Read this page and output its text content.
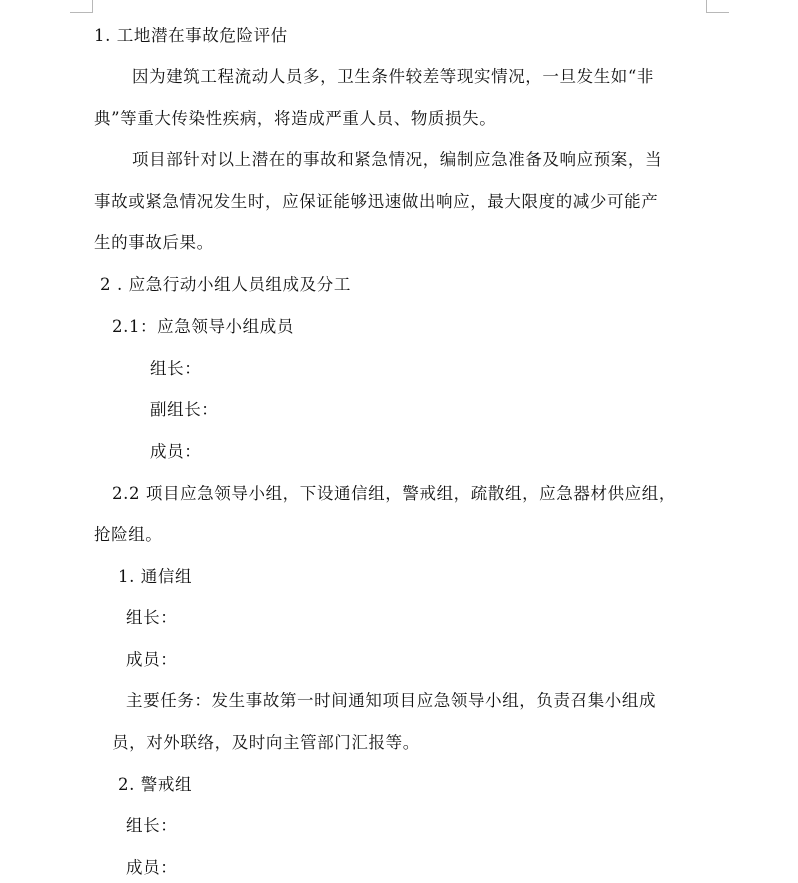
1. 工地潜在事故危险评估
因为建筑工程流动人员多，卫生条件较差等现实情况，一旦发生如“非
典”等重大传染性疾病，将造成严重人员、物质损失。
项目部针对以上潜在的事故和紧急情况，编制应急准备及响应预案，当
事故或紧急情况发生时，应保证能够迅速做出响应，最大限度的减少可能产
生的事故后果。
2 . 应急行动小组人员组成及分工
2.1：应急领导小组成员
组长：
副组长：
成员：
2.2 项目应急领导小组，下设通信组，警戒组，疏散组，应急器材供应组，
抢险组。
1. 通信组
组长：
成员：
主要任务：发生事故第一时间通知项目应急领导小组，负责召集小组成
员，对外联络，及时向主管部门汇报等。
2. 警戒组
组长：
成员：
